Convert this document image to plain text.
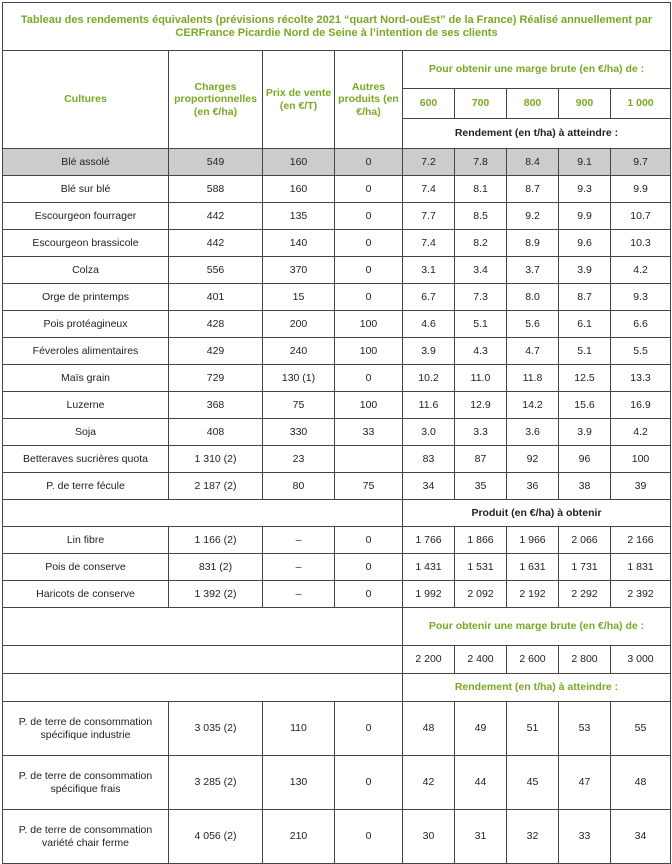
Tableau des rendements équivalents (prévisions récolte 2021 “quart Nord-ouEst” de la France) Réalisé annuellement par CERFrance Picardie Nord de Seine à l’intention de ses clients								
Cultures	Charges proportionnelles (en €/ha)	Prix de vente (en €/T)	Autres produits (en €/ha)	Pour obtenir une marge brute (en €/ha) de :				
				600	700	800	900	1 000
				Rendement (en t/ha) à atteindre :				
Blé assolé	549	160	0	7.2	7.8	8.4	9.1	9.7
Blé sur blé	588	160	0	7.4	8.1	8.7	9.3	9.9
Escourgeon fourrager	442	135	0	7.7	8.5	9.2	9.9	10.7
Escourgeon brassicole	442	140	0	7.4	8.2	8.9	9.6	10.3
Colza	556	370	0	3.1	3.4	3.7	3.9	4.2
Orge de printemps	401	15	0	6.7	7.3	8.0	8.7	9.3
Pois protéagineux	428	200	100	4.6	5.1	5.6	6.1	6.6
Féveroles alimentaires	429	240	100	3.9	4.3	4.7	5.1	5.5
Maïs grain	729	130 (1)	0	10.2	11.0	11.8	12.5	13.3
Luzerne	368	75	100	11.6	12.9	14.2	15.6	16.9
Soja	408	330	33	3.0	3.3	3.6	3.9	4.2
Betteraves sucrières quota	1 310 (2)	23		83	87	92	96	100
P. de terre fécule	2 187 (2)	80	75	34	35	36	38	39
				Produit (en €/ha) à obtenir				
Lin fibre	1 166 (2)	–	0	1 766	1 866	1 966	2 066	2 166
Pois de conserve	831 (2)	–	0	1 431	1 531	1 631	1 731	1 831
Haricots de conserve	1 392 (2)	–	0	1 992	2 092	2 192	2 292	2 392
				Pour obtenir une marge brute (en €/ha) de :				
				2 200	2 400	2 600	2 800	3 000
				Rendement (en t/ha) à atteindre :				
P. de terre de consommation spécifique industrie	3 035 (2)	110	0	48	49	51	53	55
P. de terre de consommation spécifique frais	3 285 (2)	130	0	42	44	45	47	48
P. de terre de consommation variété chair ferme	4 056 (2)	210	0	30	31	32	33	34
